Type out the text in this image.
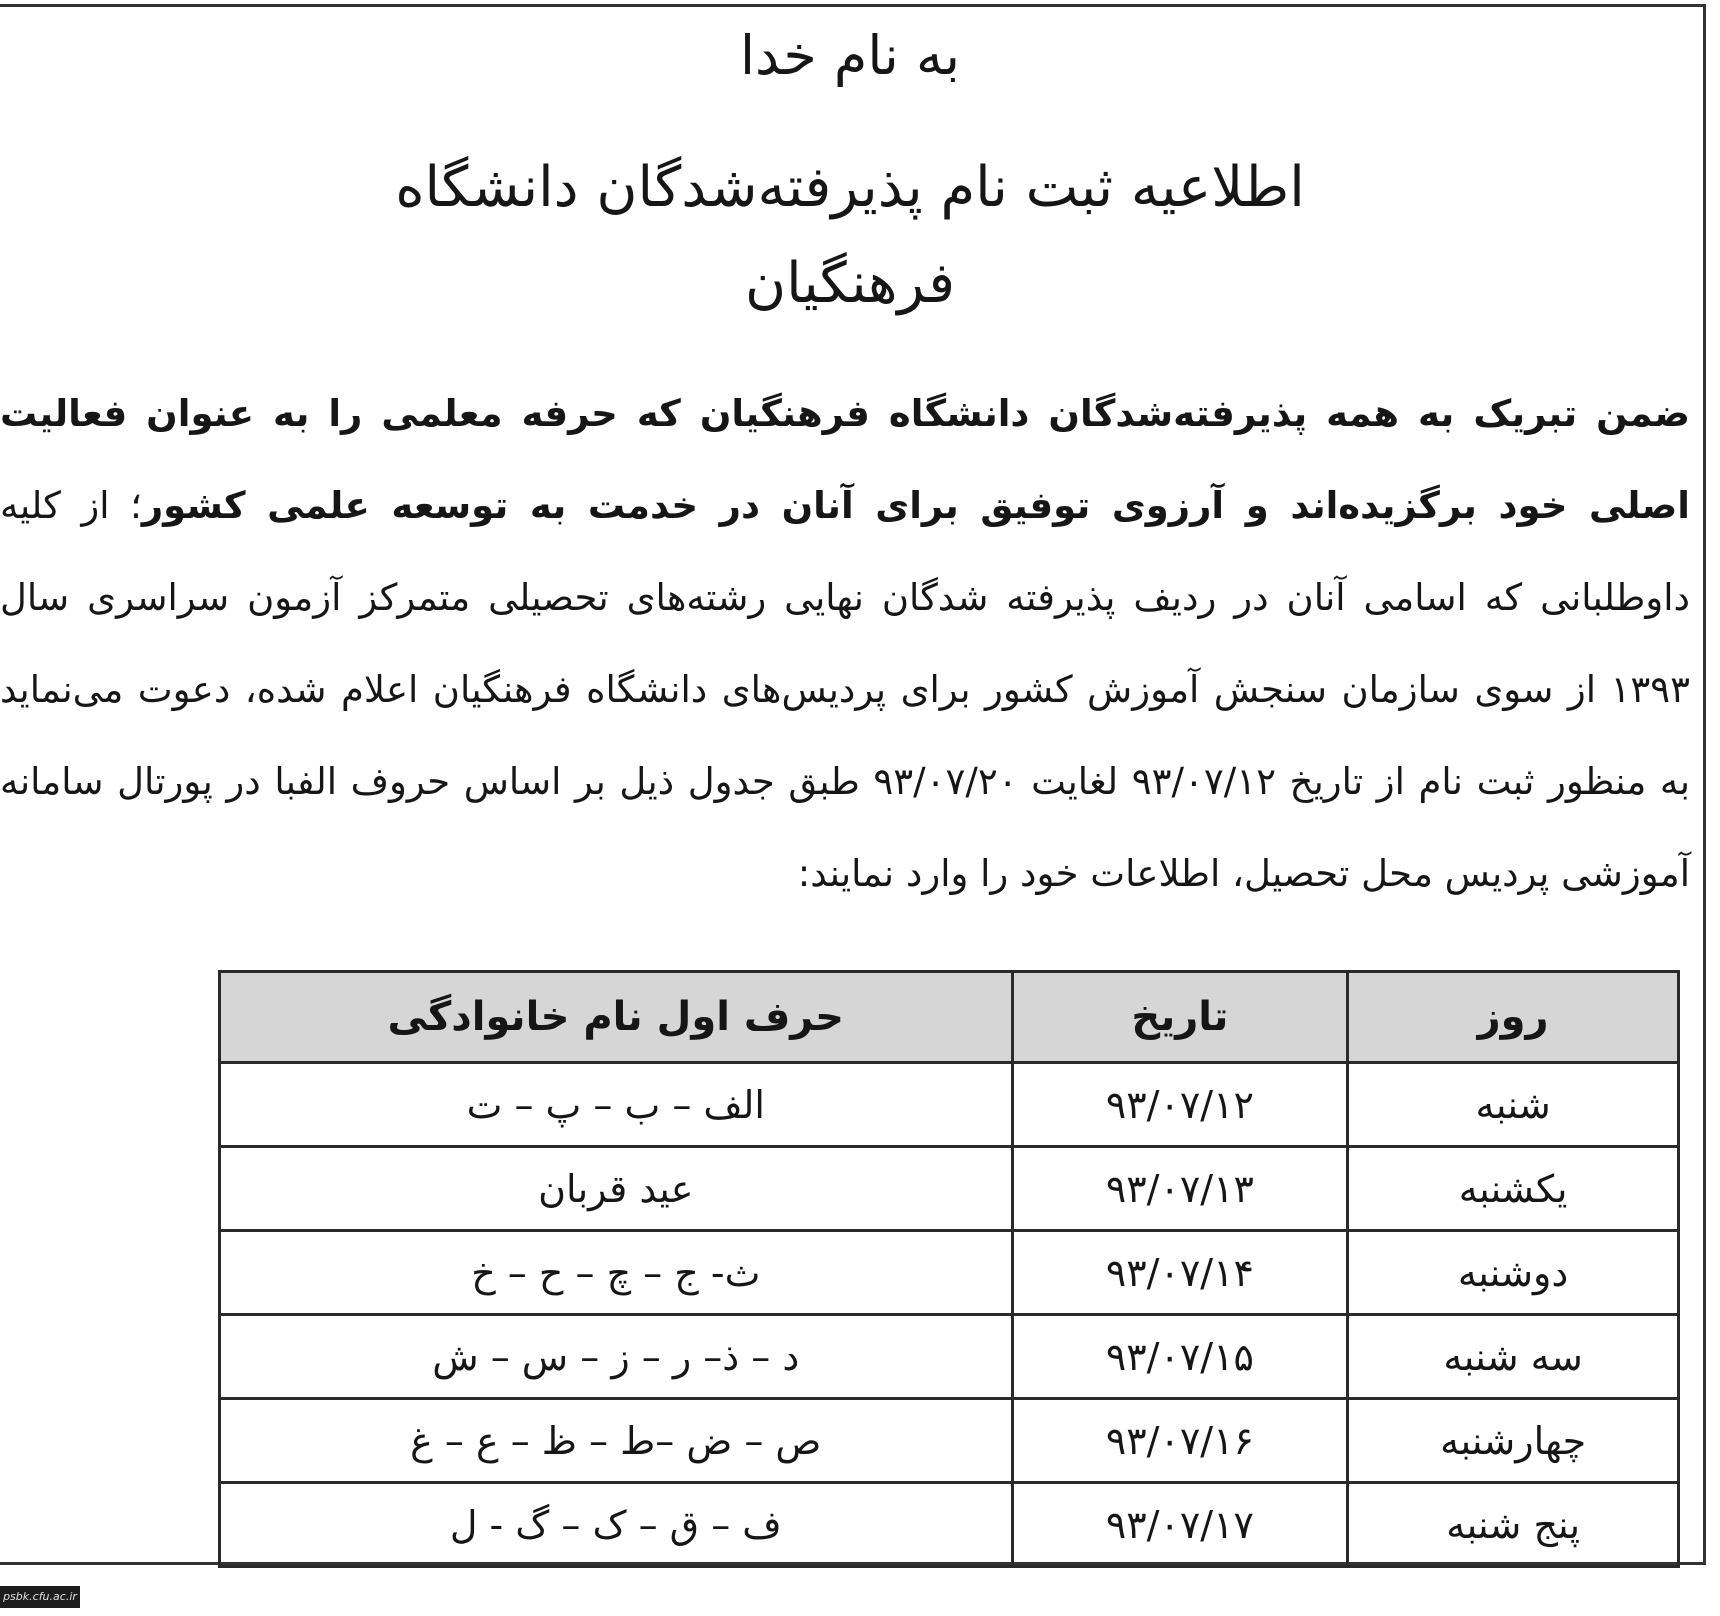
به نام خدا
اطلاعیه ثبت نام پذیرفته‌شدگان دانشگاه
فرهنگیان
ضمن تبریک به همه پذیرفته‌شدگان دانشگاه فرهنگیان که حرفه معلمی را به عنوان فعالیت اصلی خود برگزیده‌اند و آرزوی توفیق برای آنان در خدمت به توسعه علمی کشور؛ از کلیه داوطلبانی که اسامی آنان در ردیف پذیرفته شدگان نهایی رشته‌های تحصیلی متمرکز آزمون سراسری سال ۱۳۹۳ از سوی سازمان سنجش آموزش کشور برای پردیس‌های دانشگاه فرهنگیان اعلام شده، دعوت می‌نماید به منظور ثبت نام از تاریخ ۹۳/۰۷/۱۲ لغایت ۹۳/۰۷/۲۰ طبق جدول ذیل بر اساس حروف الفبا در پورتال سامانه آموزشی پردیس محل تحصیل، اطلاعات خود را وارد نمایند:
روز	تاریخ	حرف اول نام خانوادگی
شنبه	۹۳/۰۷/۱۲	الف – ب – پ – ت
یکشنبه	۹۳/۰۷/۱۳	عید قربان
دوشنبه	۹۳/۰۷/۱۴	ث- ج – چ – ح – خ
سه شنبه	۹۳/۰۷/۱۵	د – ذ– ر – ز – س – ش
چهارشنبه	۹۳/۰۷/۱۶	ص – ض –ط – ظ – ع – غ
پنج شنبه	۹۳/۰۷/۱۷	ف – ق – ک – گ - ل
psbk.cfu.ac.ir
